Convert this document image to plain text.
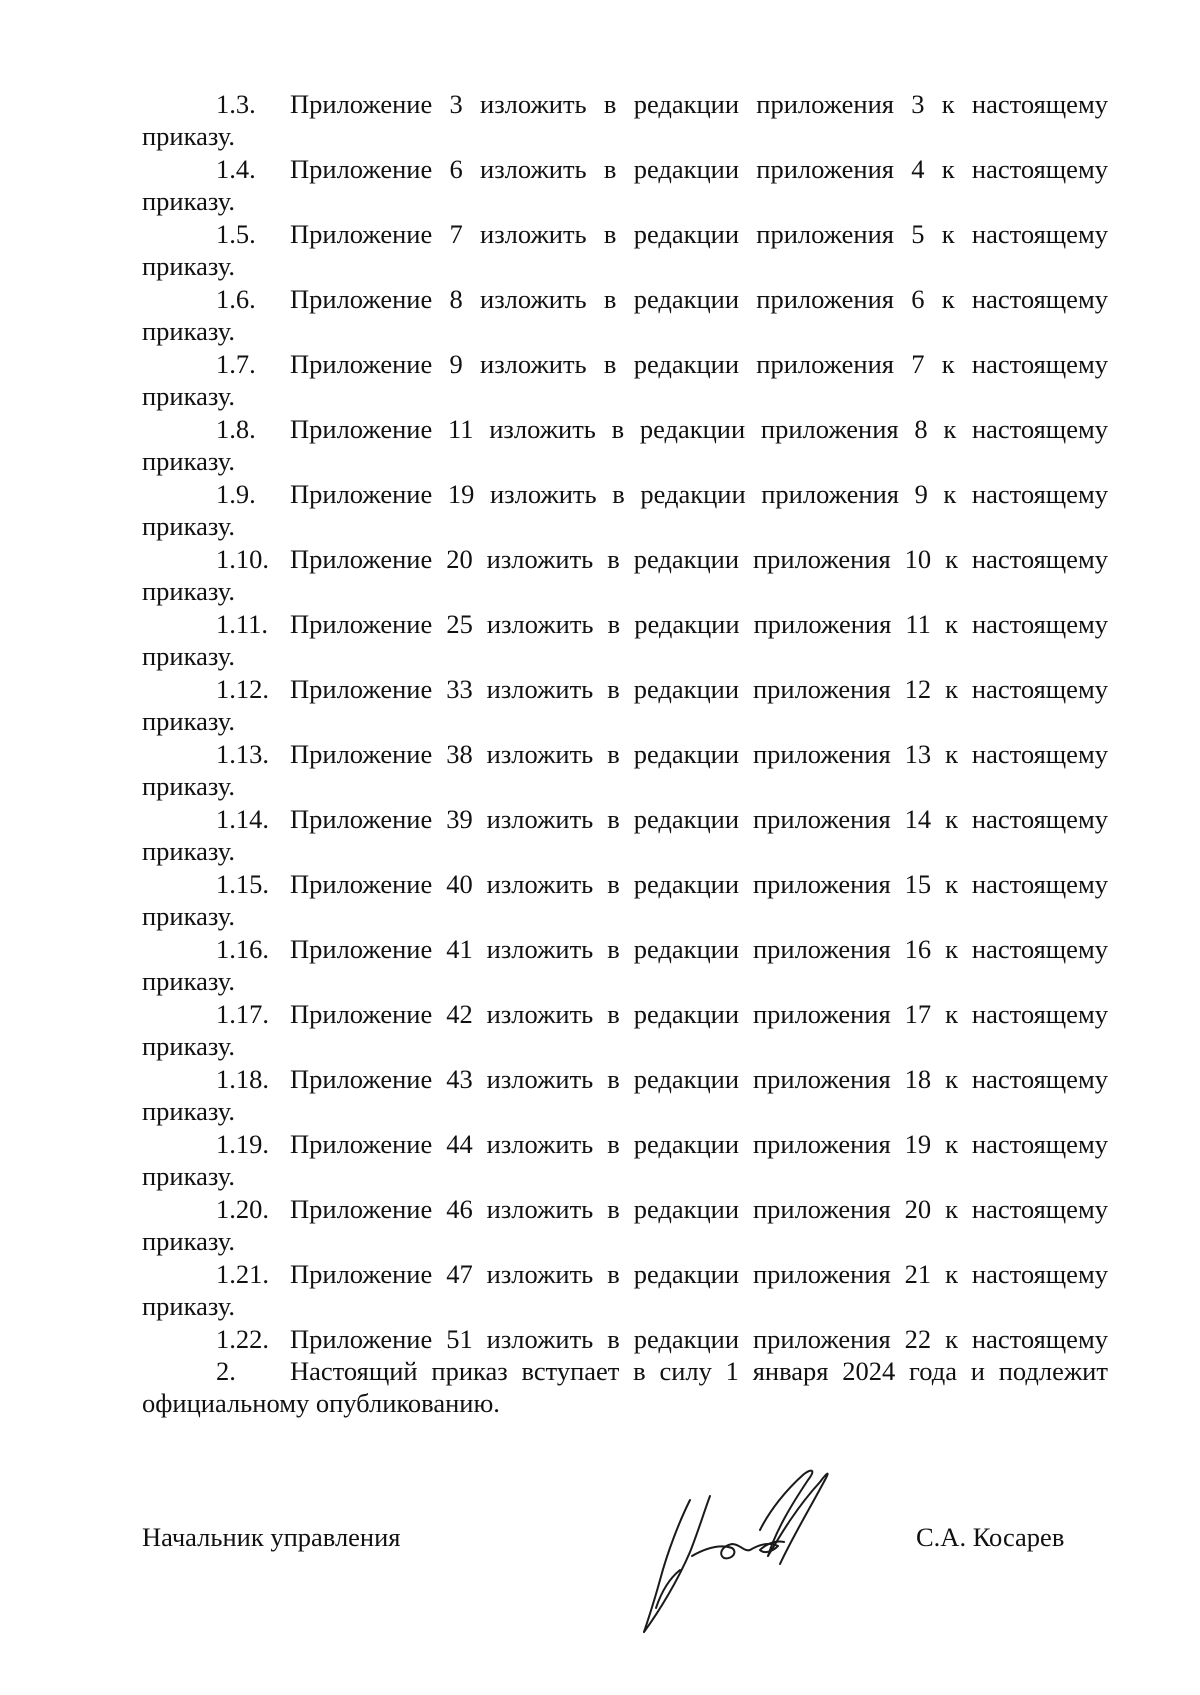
1.3.	Приложение 3 изложить в редакции приложения 3 к настоящему
приказу.
1.4.	Приложение 6 изложить в редакции приложения 4 к настоящему
приказу.
1.5.	Приложение 7 изложить в редакции приложения 5 к настоящему
приказу.
1.6.	Приложение 8 изложить в редакции приложения 6 к настоящему
приказу.
1.7.	Приложение 9 изложить в редакции приложения 7 к настоящему
приказу.
1.8.	Приложение 11 изложить в редакции приложения 8 к настоящему
приказу.
1.9.	Приложение 19 изложить в редакции приложения 9 к настоящему
приказу.
1.10. Приложение 20 изложить в редакции приложения 10 к настоящему
приказу.
1.11. Приложение 25 изложить в редакции приложения 11 к настоящему
приказу.
1.12. Приложение 33 изложить в редакции приложения 12 к настоящему
приказу.
1.13. Приложение 38 изложить в редакции приложения 13 к настоящему
приказу.
1.14. Приложение 39 изложить в редакции приложения 14 к настоящему
приказу.
1.15. Приложение 40 изложить в редакции приложения 15 к настоящему
приказу.
1.16. Приложение 41 изложить в редакции приложения 16 к настоящему
приказу.
1.17. Приложение 42 изложить в редакции приложения 17 к настоящему
приказу.
1.18. Приложение 43 изложить в редакции приложения 18 к настоящему
приказу.
1.19. Приложение 44 изложить в редакции приложения 19 к настоящему
приказу.
1.20. Приложение 46 изложить в редакции приложения 20 к настоящему
приказу.
1.21. Приложение 47 изложить в редакции приложения 21 к настоящему
приказу.
1.22. Приложение 51 изложить в редакции приложения 22 к настоящему
2.	Настоящий приказ вступает в силу 1 января 2024 года и подлежит
официальному опубликованию.
Начальник управления	С.А. Косарев
